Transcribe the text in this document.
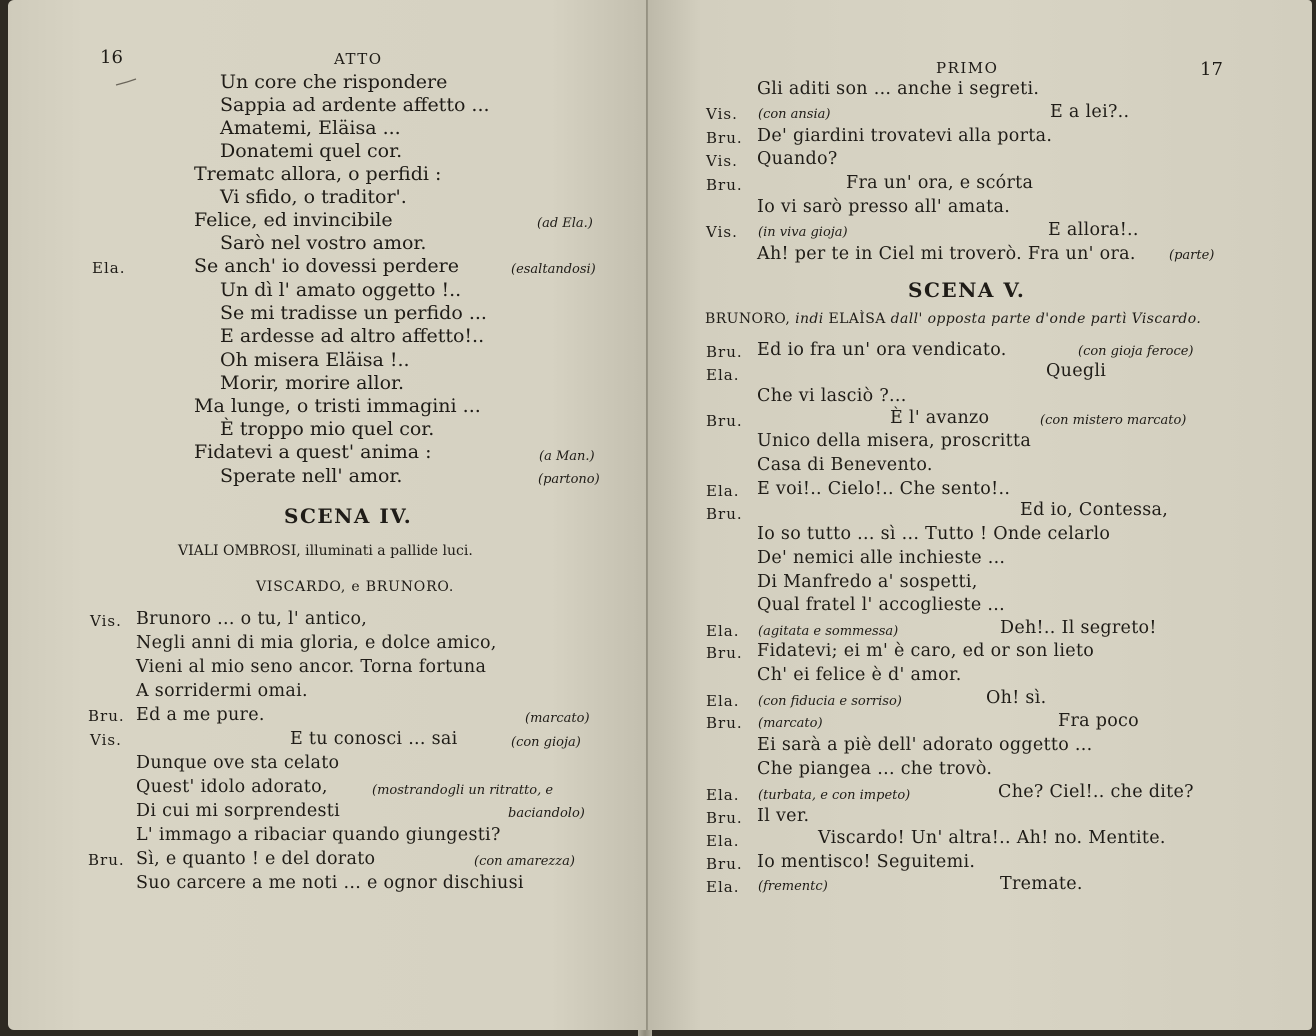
16	ATTO
Un core che rispondere
Sappia ad ardente affetto ...
Amatemi, Eläisa ...
Donatemi quel cor.
Trematc allora, o perfidi :
Vi sfido, o traditor'.
Felice, ed invincibile	(ad Ela.)
Sarò nel vostro amor.
Ela.	Se anch' io dovessi perdere	(esaltandosi)
Un dì l' amato oggetto !..
Se mi tradisse un perfido ...
E ardesse ad altro affetto!..
Oh misera Eläisa !..
Morir, morire allor.
Ma lunge, o tristi immagini ...
È troppo mio quel cor.
Fidatevi a quest' anima :	(a Man.)
Sperate nell' amor.	(partono)
SCENA IV.
VIALI OMBROSI, illuminati a pallide luci.
VISCARDO, e BRUNORO.
Vis. Brunoro ... o tu, l' antico,
Negli anni di mia gloria, e dolce amico,
Vieni al mio seno ancor. Torna fortuna
A sorridermi omai.
Bru. Ed a me pure.	(marcato)
Vis.	E tu conosci ... sai	(con gioja)
Dunque ove sta celato
Quest' idolo adorato,	(mostrandogli un ritratto, e
Di cui mi sorprendesti	baciandolo)
L' immago a ribaciar quando giungesti?
Bru. Sì, e quanto ! e del dorato	(con amarezza)
Suo carcere a me noti ... e ognor dischiusi
PRIMO	17
Gli aditi son ... anche i segreti.
Vis. (con ansia)	E a lei?..
Bru. De' giardini trovatevi alla porta.
Vis. Quando?
Bru.	Fra un' ora, e scórta
Io vi sarò presso all' amata.
Vis. (in viva gioja)	E allora!..
Ah! per te in Ciel mi troverò. Fra un' ora.	(parte)
SCENA V.
BRUNORO, indi ELAÌSA dall' opposta parte d'onde partì Viscardo.
Bru. Ed io fra un' ora vendicato.	(con gioja feroce)
Ela.	Quegli
Che vi lasciò ?...
Bru.	È l' avanzo	(con mistero marcato)
Unico della misera, proscritta
Casa di Benevento.
Ela. E voi!.. Cielo!.. Che sento!..
Bru.	Ed io, Contessa,
Io so tutto ... sì ... Tutto ! Onde celarlo
De' nemici alle inchieste ...
Di Manfredo a' sospetti,
Qual fratel l' accoglieste ...
Ela. (agitata e sommessa)	Deh!.. Il segreto!
Bru. Fidatevi; ei m' è caro, ed or son lieto
Ch' ei felice è d' amor.
Ela. (con fiducia e sorriso)	Oh! sì.
Bru. (marcato)	Fra poco
Ei sarà a piè dell' adorato oggetto ...
Che piangea ... che trovò.
Ela. (turbata, e con impeto)	Che? Ciel!.. che dite?
Bru. Il ver.
Ela.	Viscardo! Un' altra!.. Ah! no. Mentite.
Bru. Io mentisco! Seguitemi.
Ela. (frementc)	Tremate.
